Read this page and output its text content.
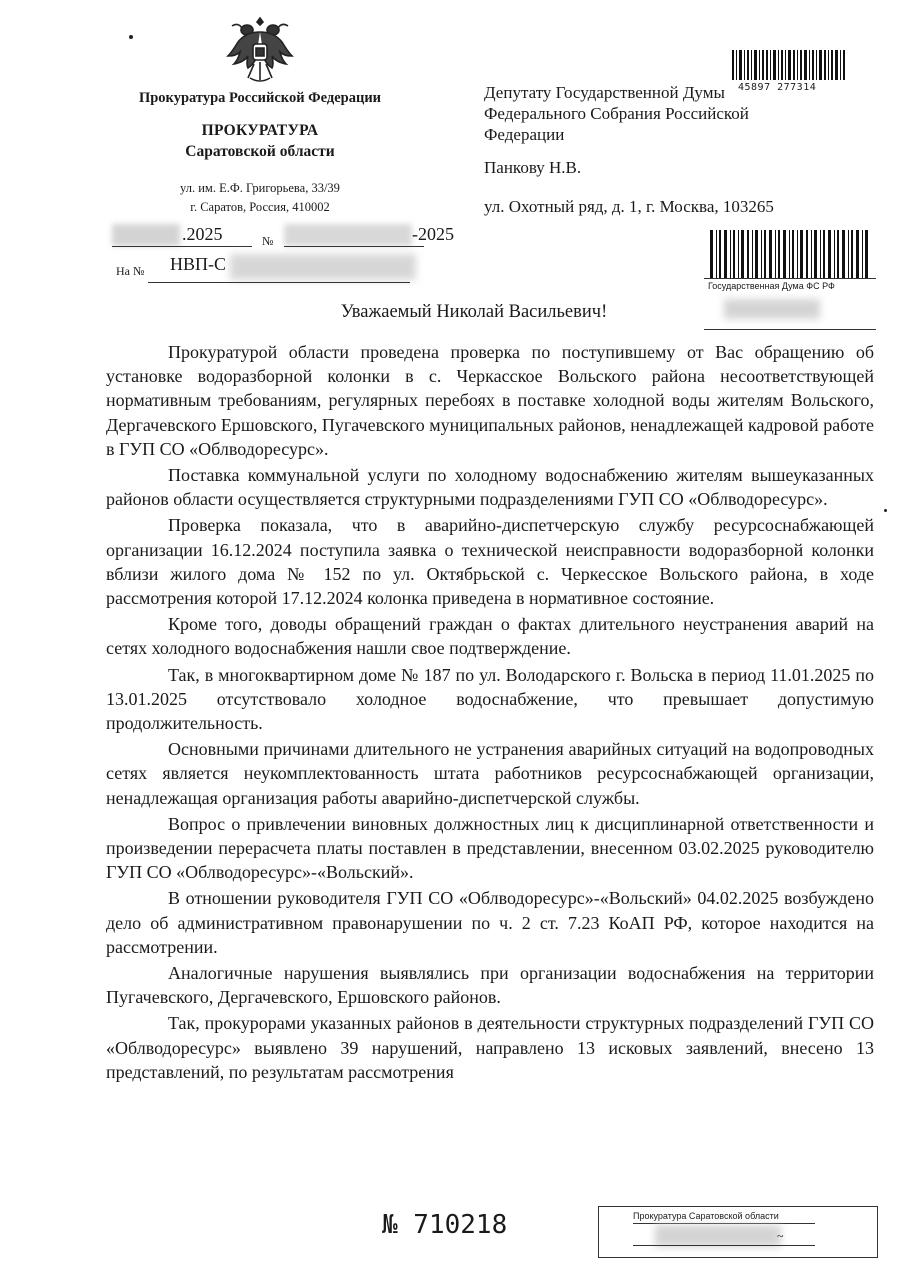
Прокуратура Российской Федерации
ПРОКУРАТУРА
Саратовской области
ул. им. Е.Ф. Григорьева, 33/39
г. Саратов, Россия, 410002
.2025	№	-2025
На № НВП-С
45897 277314

Депутату Государственной Думы

Федерального Собрания Российской

Федерации

Панкову Н.В.
ул. Охотный ряд, д. 1, г. Москва, 103265
Государственная Дума ФС РФ
Уважаемый Николай Васильевич!

Прокуратурой области проведена проверка по поступившему от Вас обращению об установке водоразборной колонки в с. Черкасское Вольского района несоответствующей нормативным требованиям, регулярных перебоях в поставке холодной воды жителям Вольского, Дергачевского Ершовского, Пугачевского муниципальных районов, ненадлежащей кадровой работе в ГУП СО «Облводоресурс».

Поставка коммунальной услуги по холодному водоснабжению жителям вышеуказанных районов области осуществляется структурными подразделениями ГУП СО «Облводоресурс».

Проверка показала, что в аварийно-диспетчерскую службу ресурсоснабжающей организации 16.12.2024 поступила заявка о технической неисправности водоразборной колонки вблизи жилого дома № 152 по ул. Октябрьской с. Черкесское Вольского района, в ходе рассмотрения которой 17.12.2024 колонка приведена в нормативное состояние.

Кроме того, доводы обращений граждан о фактах длительного неустранения аварий на сетях холодного водоснабжения нашли свое подтверждение.

Так, в многоквартирном доме № 187 по ул. Володарского г. Вольска в период 11.01.2025 по 13.01.2025 отсутствовало холодное водоснабжение, что превышает допустимую продолжительность.

Основными причинами длительного не устранения аварийных ситуаций на водопроводных сетях является неукомплектованность штата работников ресурсоснабжающей организации, ненадлежащая организация работы аварийно-диспетчерской службы.

Вопрос о привлечении виновных должностных лиц к дисциплинарной ответственности и произведении перерасчета платы поставлен в представлении, внесенном 03.02.2025 руководителю ГУП СО «Облводоресурс»-«Вольский».

В отношении руководителя ГУП СО «Облводоресурс»-«Вольский» 04.02.2025 возбуждено дело об административном правонарушении по ч. 2 ст. 7.23 КоАП РФ, которое находится на рассмотрении.

Аналогичные нарушения выявлялись при организации водоснабжения на территории Пугачевского, Дергачевского, Ершовского районов.

Так, прокурорами указанных районов в деятельности структурных подразделений ГУП СО «Облводоресурс» выявлено 39 нарушений, направлено 13 исковых заявлений, внесено 13 представлений, по результатам рассмотрения

№ 710218	Прокуратура Саратовской области
~
